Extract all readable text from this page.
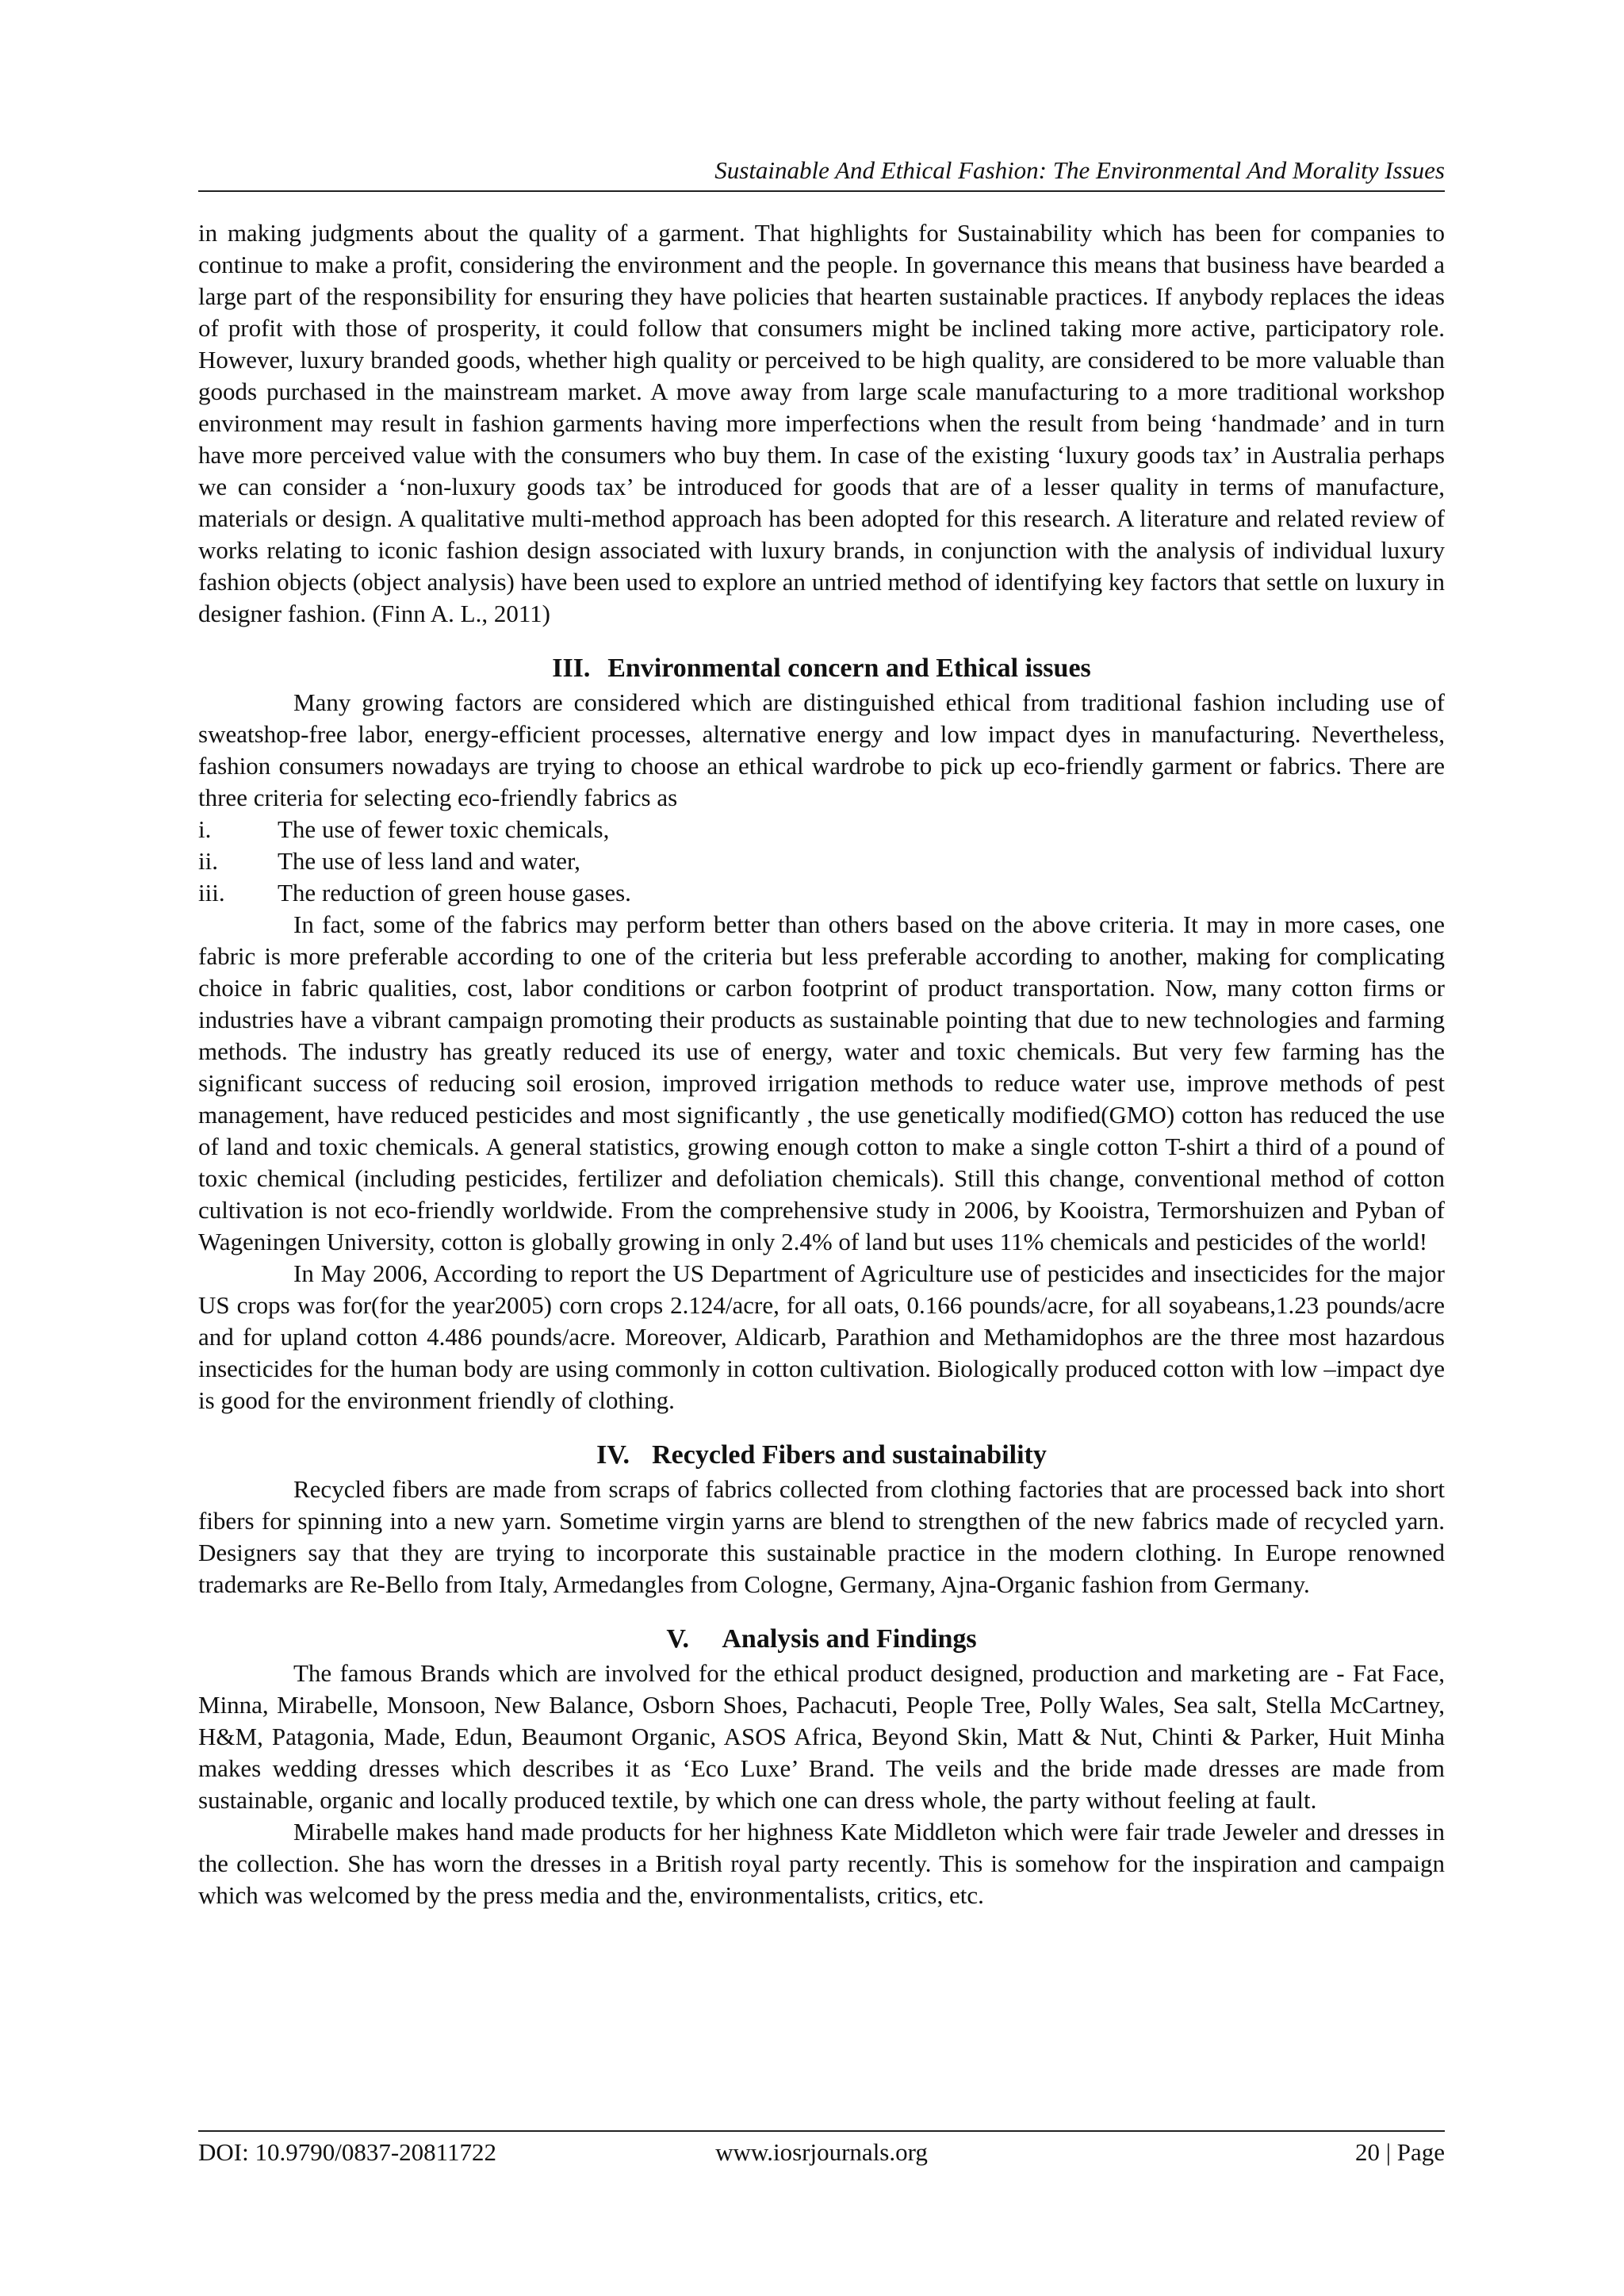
Sustainable And Ethical Fashion: The Environmental And Morality Issues

in making judgments about the quality of a garment. That highlights for Sustainability which has been for companies to continue to make a profit, considering the environment and the people. In governance this means that business have bearded a large part of the responsibility for ensuring they have policies that hearten sustainable practices. If anybody replaces the ideas of profit with those of prosperity, it could follow that consumers might be inclined taking more active, participatory role. However, luxury branded goods, whether high quality or perceived to be high quality, are considered to be more valuable than goods purchased in the mainstream market. A move away from large scale manufacturing to a more traditional workshop environment may result in fashion garments having more imperfections when the result from being ‘handmade’ and in turn have more perceived value with the consumers who buy them. In case of the existing ‘luxury goods tax’ in Australia perhaps we can consider a ‘non-luxury goods tax’ be introduced for goods that are of a lesser quality in terms of manufacture, materials or design. A qualitative multi-method approach has been adopted for this research. A literature and related review of works relating to iconic fashion design associated with luxury brands, in conjunction with the analysis of individual luxury fashion objects (object analysis) have been used to explore an untried method of identifying key factors that settle on luxury in designer fashion. (Finn A. L., 2011)

III. Environmental concern and Ethical issues

Many growing factors are considered which are distinguished ethical from traditional fashion including use of sweatshop-free labor, energy-efficient processes, alternative energy and low impact dyes in manufacturing. Nevertheless, fashion consumers nowadays are trying to choose an ethical wardrobe to pick up eco-friendly garment or fabrics. There are three criteria for selecting eco-friendly fabrics as

i.	The use of fewer toxic chemicals,
ii.	The use of less land and water,
iii.	The reduction of green house gases.

In fact, some of the fabrics may perform better than others based on the above criteria. It may in more cases, one fabric is more preferable according to one of the criteria but less preferable according to another, making for complicating choice in fabric qualities, cost, labor conditions or carbon footprint of product transportation. Now, many cotton firms or industries have a vibrant campaign promoting their products as sustainable pointing that due to new technologies and farming methods. The industry has greatly reduced its use of energy, water and toxic chemicals. But very few farming has the significant success of reducing soil erosion, improved irrigation methods to reduce water use, improve methods of pest management, have reduced pesticides and most significantly , the use genetically modified(GMO) cotton has reduced the use of land and toxic chemicals. A general statistics, growing enough cotton to make a single cotton T-shirt a third of a pound of toxic chemical (including pesticides, fertilizer and defoliation chemicals). Still this change, conventional method of cotton cultivation is not eco-friendly worldwide. From the comprehensive study in 2006, by Kooistra, Termorshuizen and Pyban of Wageningen University, cotton is globally growing in only 2.4% of land but uses 11% chemicals and pesticides of the world!

In May 2006, According to report the US Department of Agriculture use of pesticides and insecticides for the major US crops was for(for the year2005) corn crops 2.124/acre, for all oats, 0.166 pounds/acre, for all soyabeans,1.23 pounds/acre and for upland cotton 4.486 pounds/acre. Moreover, Aldicarb, Parathion and Methamidophos are the three most hazardous insecticides for the human body are using commonly in cotton cultivation. Biologically produced cotton with low –impact dye is good for the environment friendly of clothing.

IV. Recycled Fibers and sustainability

Recycled fibers are made from scraps of fabrics collected from clothing factories that are processed back into short fibers for spinning into a new yarn. Sometime virgin yarns are blend to strengthen of the new fabrics made of recycled yarn. Designers say that they are trying to incorporate this sustainable practice in the modern clothing. In Europe renowned trademarks are Re-Bello from Italy, Armedangles from Cologne, Germany, Ajna-Organic fashion from Germany.

V. Analysis and Findings

The famous Brands which are involved for the ethical product designed, production and marketing are - Fat Face, Minna, Mirabelle, Monsoon, New Balance, Osborn Shoes, Pachacuti, People Tree, Polly Wales, Sea salt, Stella McCartney, H&M, Patagonia, Made, Edun, Beaumont Organic, ASOS Africa, Beyond Skin, Matt & Nut, Chinti & Parker, Huit Minha makes wedding dresses which describes it as ‘Eco Luxe’ Brand. The veils and the bride made dresses are made from sustainable, organic and locally produced textile, by which one can dress whole, the party without feeling at fault.

Mirabelle makes hand made products for her highness Kate Middleton which were fair trade Jeweler and dresses in the collection. She has worn the dresses in a British royal party recently. This is somehow for the inspiration and campaign which was welcomed by the press media and the, environmentalists, critics, etc.

DOI: 10.9790/0837-20811722	www.iosrjournals.org	20 | Page
